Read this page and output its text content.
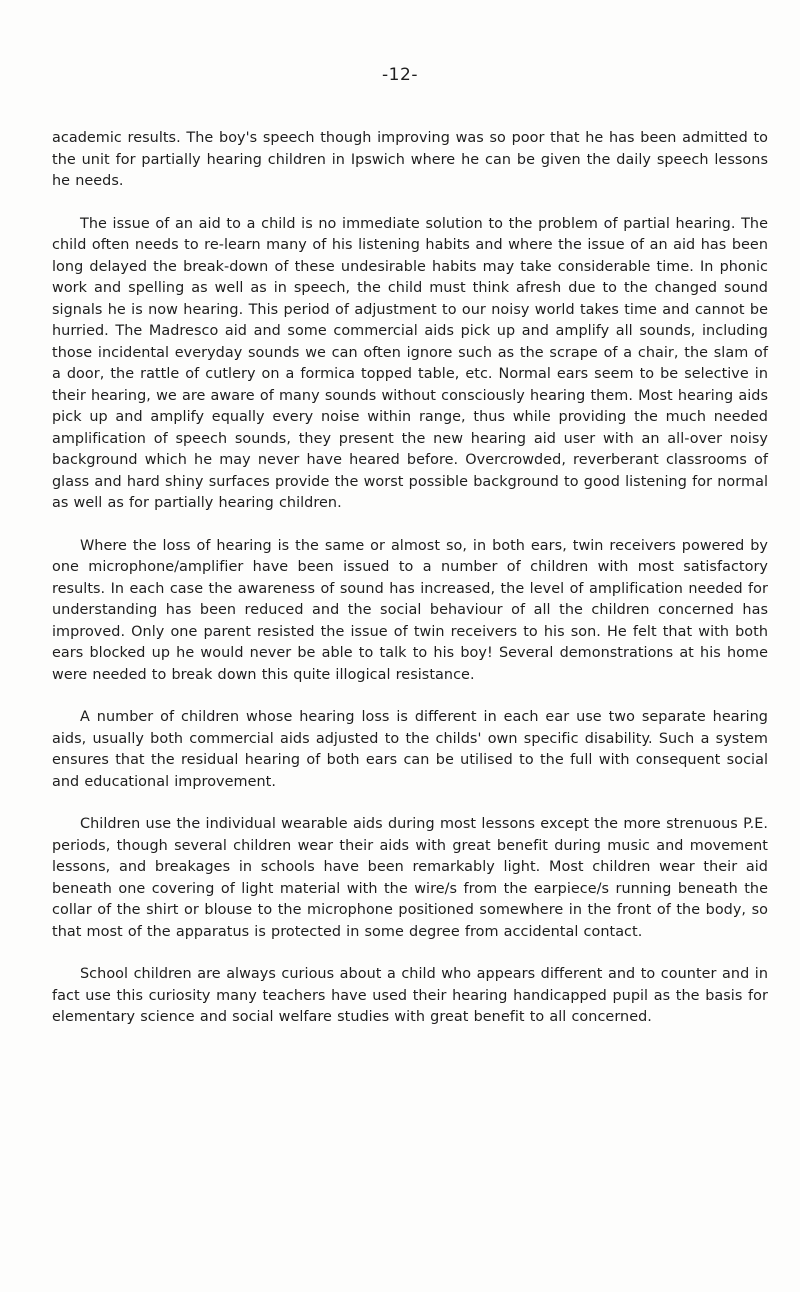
-12-

academic results. The boy's speech though improving was so poor that he has been admitted to the unit for partially hearing children in Ipswich where he can be given the daily speech lessons he needs.

The issue of an aid to a child is no immediate solution to the problem of partial hearing. The child often needs to re-learn many of his listening habits and where the issue of an aid has been long delayed the break-down of these undesirable habits may take considerable time. In phonic work and spelling as well as in speech, the child must think afresh due to the changed sound signals he is now hearing. This period of adjustment to our noisy world takes time and cannot be hurried. The Madresco aid and some commercial aids pick up and amplify all sounds, including those incidental everyday sounds we can often ignore such as the scrape of a chair, the slam of a door, the rattle of cutlery on a formica topped table, etc. Normal ears seem to be selective in their hearing, we are aware of many sounds without consciously hearing them. Most hearing aids pick up and amplify equally every noise within range, thus while providing the much needed amplification of speech sounds, they present the new hearing aid user with an all-over noisy background which he may never have heared before. Overcrowded, reverberant classrooms of glass and hard shiny surfaces provide the worst possible background to good listening for normal as well as for partially hearing children.

Where the loss of hearing is the same or almost so, in both ears, twin receivers powered by one microphone/amplifier have been issued to a number of children with most satisfactory results. In each case the awareness of sound has increased, the level of amplification needed for understanding has been reduced and the social behaviour of all the children concerned has improved. Only one parent resisted the issue of twin receivers to his son. He felt that with both ears blocked up he would never be able to talk to his boy! Several demonstrations at his home were needed to break down this quite illogical resistance.

A number of children whose hearing loss is different in each ear use two separate hearing aids, usually both commercial aids adjusted to the childs' own specific disability. Such a system ensures that the residual hearing of both ears can be utilised to the full with consequent social and educational improvement.

Children use the individual wearable aids during most lessons except the more strenuous P.E. periods, though several children wear their aids with great benefit during music and movement lessons, and breakages in schools have been remarkably light. Most children wear their aid beneath one covering of light material with the wire/s from the earpiece/s running beneath the collar of the shirt or blouse to the microphone positioned somewhere in the front of the body, so that most of the apparatus is protected in some degree from accidental contact.

School children are always curious about a child who appears different and to counter and in fact use this curiosity many teachers have used their hearing handicapped pupil as the basis for elementary science and social welfare studies with great benefit to all concerned.
